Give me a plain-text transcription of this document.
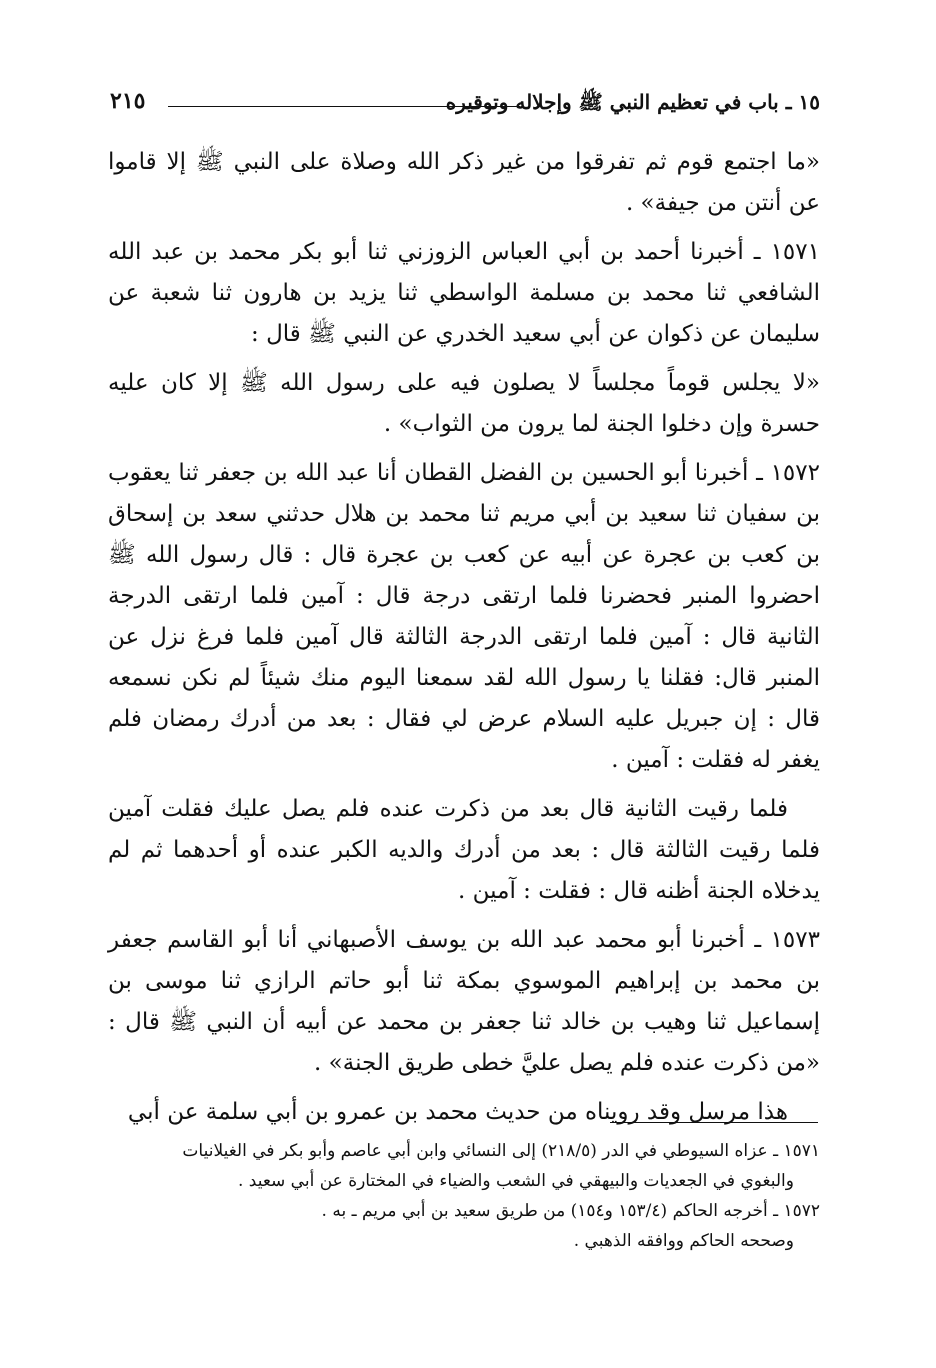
١٥ ـ باب في تعظيم النبي ﷺ وإجلاله وتوقيره
٢١٥

«ما اجتمع قوم ثم تفرقوا من غير ذكر الله وصلاة على النبي ﷺ إلا قاموا عن أنتن من جيفة» .

١٥٧١ ـ أخبرنا أحمد بن أبي العباس الزوزني ثنا أبو بكر محمد بن عبد الله الشافعي ثنا محمد بن مسلمة الواسطي ثنا يزيد بن هارون ثنا شعبة عن سليمان عن ذكوان عن أبي سعيد الخدري عن النبي ﷺ قال :

«لا يجلس قوماً مجلساً لا يصلون فيه على رسول الله ﷺ إلا كان عليه حسرة وإن دخلوا الجنة لما يرون من الثواب» .

١٥٧٢ ـ أخبرنا أبو الحسين بن الفضل القطان أنا عبد الله بن جعفر ثنا يعقوب بن سفيان ثنا سعيد بن أبي مريم ثنا محمد بن هلال حدثني سعد بن إسحاق بن كعب بن عجرة عن أبيه عن كعب بن عجرة قال : قال رسول الله ﷺ احضروا المنبر فحضرنا فلما ارتقى درجة قال : آمين فلما ارتقى الدرجة الثانية قال : آمين فلما ارتقى الدرجة الثالثة قال آمين فلما فرغ نزل عن المنبر قال: فقلنا يا رسول الله لقد سمعنا اليوم منك شيئاً لم نكن نسمعه قال : إن جبريل عليه السلام عرض لي فقال : بعد من أدرك رمضان فلم يغفر له فقلت : آمين .

فلما رقيت الثانية قال بعد من ذكرت عنده فلم يصل عليك فقلت آمين فلما رقيت الثالثة قال : بعد من أدرك والديه الكبر عنده أو أحدهما ثم لم يدخلاه الجنة أظنه قال : فقلت : آمين .

١٥٧٣ ـ أخبرنا أبو محمد عبد الله بن يوسف الأصبهاني أنا أبو القاسم جعفر بن محمد بن إبراهيم الموسوي بمكة ثنا أبو حاتم الرازي ثنا موسى بن إسماعيل ثنا وهيب بن خالد ثنا جعفر بن محمد عن أبيه أن النبي ﷺ قال : «من ذكرت عنده فلم يصل عليَّ خطى طريق الجنة» .

هذا مرسل وقد رويناه من حديث محمد بن عمرو بن أبي سلمة عن أبي

١٥٧١ ـ عزاه السيوطي في الدر (٢١٨/٥) إلى النسائي وابن أبي عاصم وأبو بكر في الغيلانيات

والبغوي في الجعديات والبيهقي في الشعب والضياء في المختارة عن أبي سعيد .

١٥٧٢ ـ أخرجه الحاكم (١٥٣/٤ و١٥٤) من طريق سعيد بن أبي مريم ـ به .

وصححه الحاكم ووافقه الذهبي .
